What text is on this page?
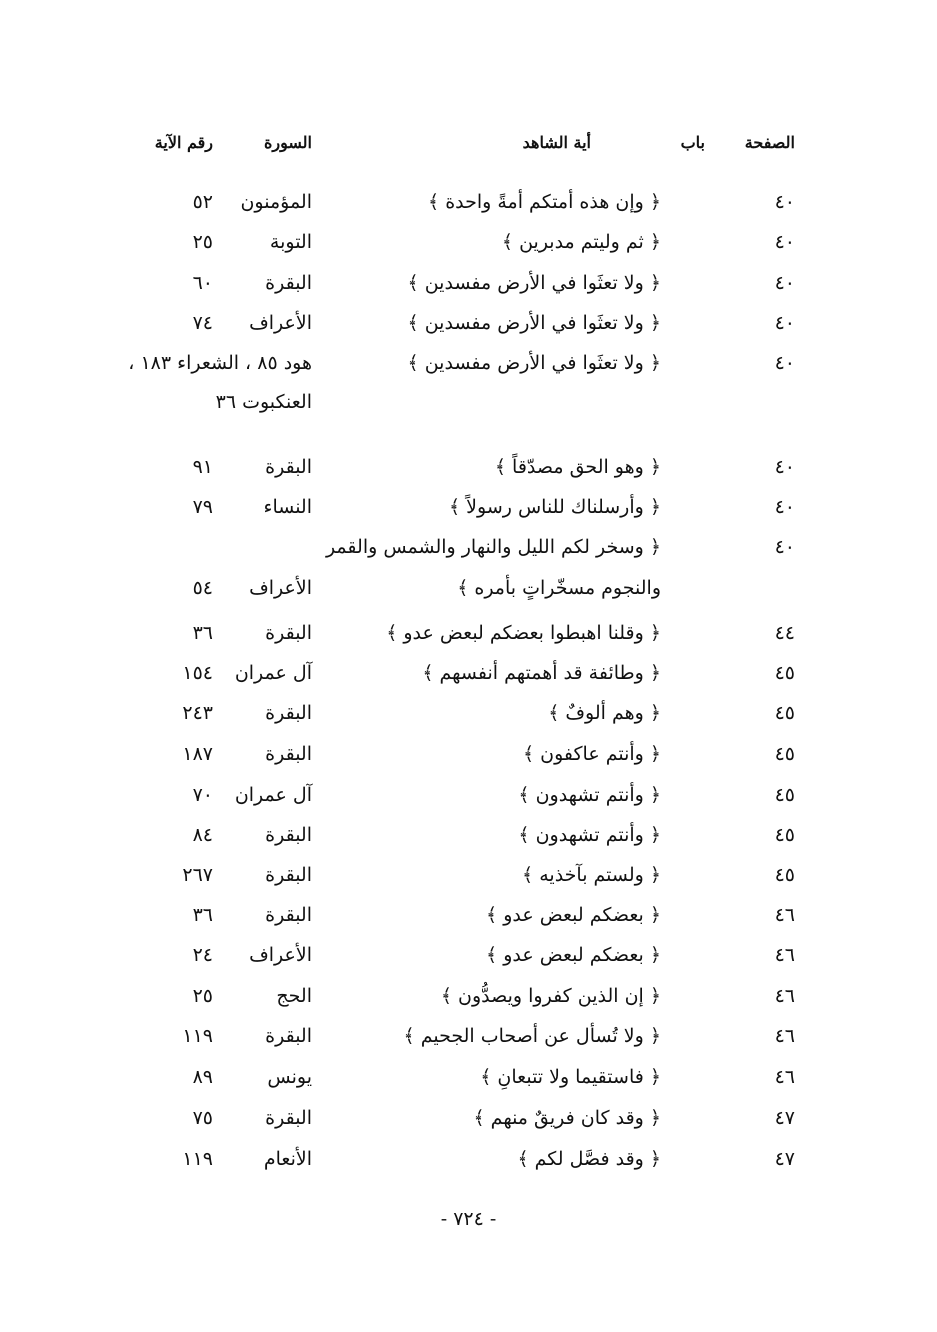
الصفحة
باب
أية الشاهد
السورة
رقم الآية
٤٠
﴿ وإن هذه أمتكم أمةً واحدة ﴾
المؤمنون
٥٢
٤٠
﴿ ثم وليتم مدبرين ﴾
التوبة
٢٥
٤٠
﴿ ولا تعثَوا في الأرض مفسدين ﴾
البقرة
٦٠
٤٠
﴿ ولا تعثَوا في الأرض مفسدين ﴾
الأعراف
٧٤
٤٠
﴿ ولا تعثَوا في الأرض مفسدين ﴾
هود ٨٥ ، الشعراء ١٨٣ ،
العنكبوت ٣٦
٤٠
﴿ وهو الحق مصدّقاً ﴾
البقرة
٩١
٤٠
﴿ وأرسلناك للناس رسولاً ﴾
النساء
٧٩
٤٠
﴿ وسخر لكم الليل والنهار والشمس والقمر
والنجوم مسخّراتٍ بأمره ﴾
الأعراف
٥٤
٤٤
﴿ وقلنا اهبطوا بعضكم لبعض عدو ﴾
البقرة
٣٦
٤٥
﴿ وطائفة قد أهمتهم أنفسهم ﴾
آل عمران
١٥٤
٤٥
﴿ وهم ألوفٌ ﴾
البقرة
٢٤٣
٤٥
﴿ وأنتم عاكفون ﴾
البقرة
١٨٧
٤٥
﴿ وأنتم تشهدون ﴾
آل عمران
٧٠
٤٥
﴿ وأنتم تشهدون ﴾
البقرة
٨٤
٤٥
﴿ ولستم بآخذيه ﴾
البقرة
٢٦٧
٤٦
﴿ بعضكم لبعض عدو ﴾
البقرة
٣٦
٤٦
﴿ بعضكم لبعض عدو ﴾
الأعراف
٢٤
٤٦
﴿ إن الذين كفروا ويصدُّون ﴾
الحج
٢٥
٤٦
﴿ ولا تُسأل عن أصحاب الجحيم ﴾
البقرة
١١٩
٤٦
﴿ فاستقيما ولا تتبعانِ ﴾
يونس
٨٩
٤٧
﴿ وقد كان فريقٌ منهم ﴾
البقرة
٧٥
٤٧
﴿ وقد فصَّل لكم ﴾
الأنعام
١١٩
- ٧٢٤ -
